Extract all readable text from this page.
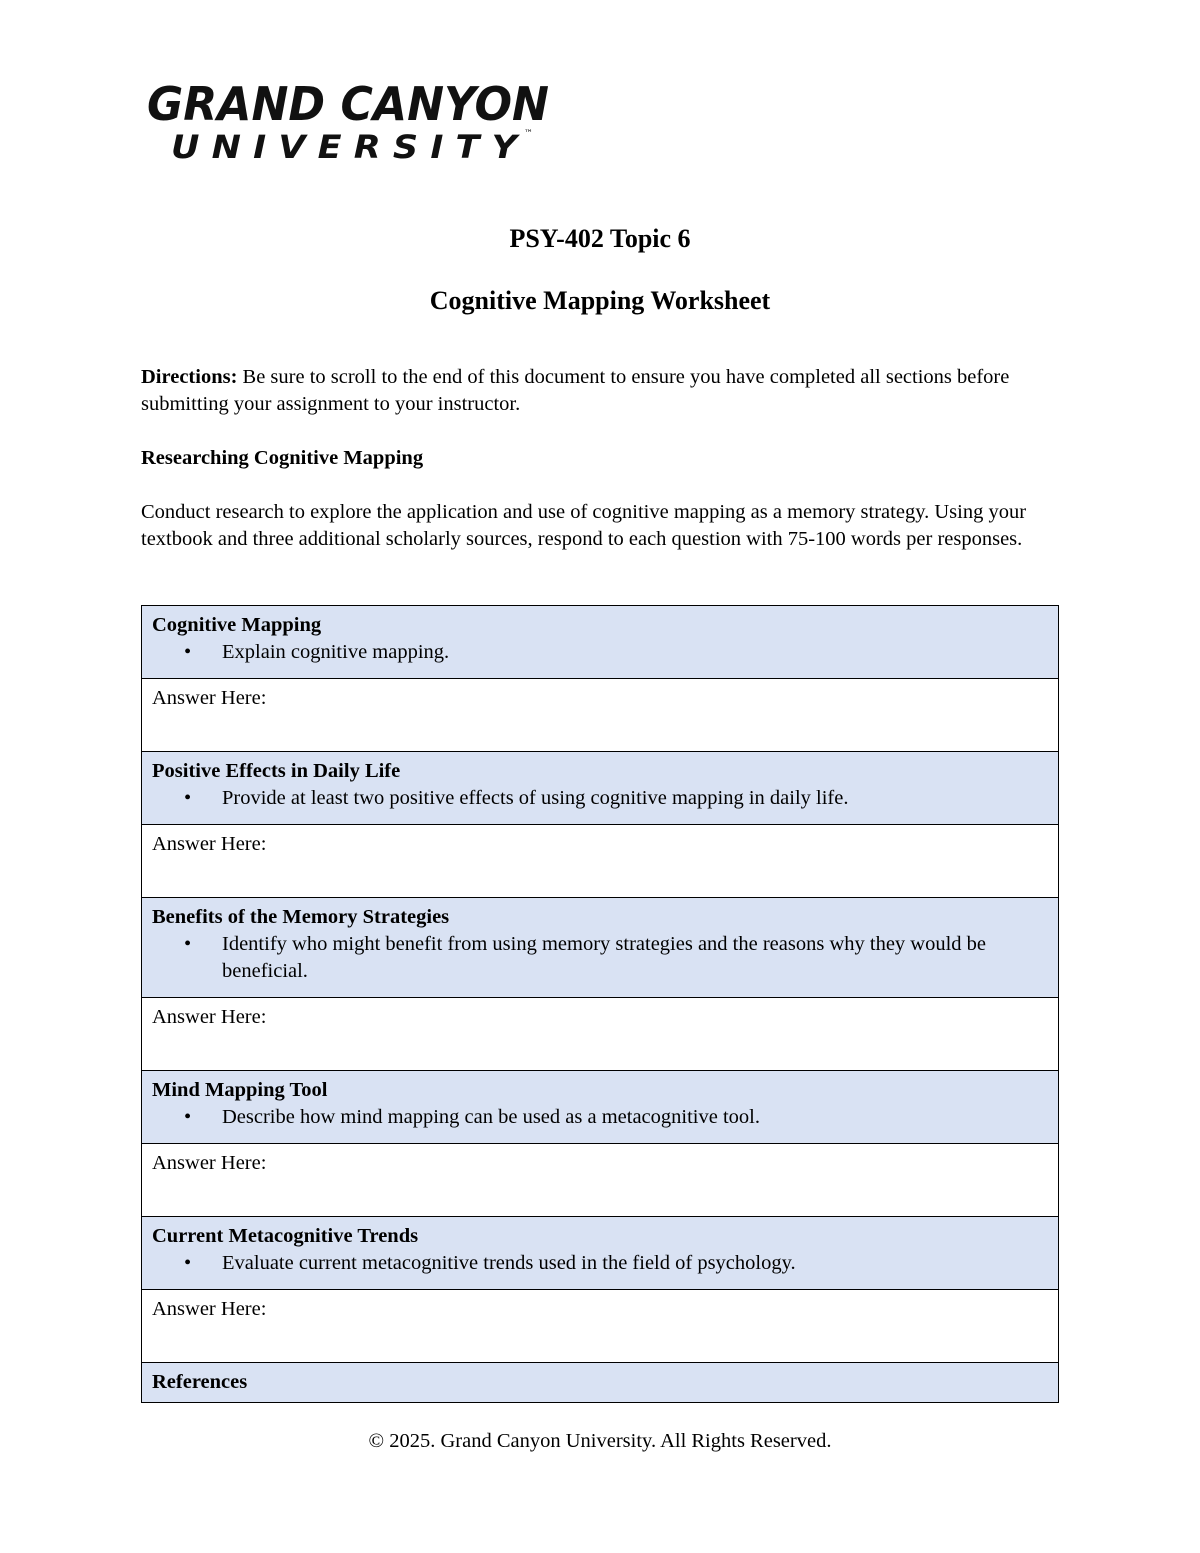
GRAND CANYON
U N I V E R S I T Y ™
PSY-402 Topic 6
Cognitive Mapping Worksheet
Directions: Be sure to scroll to the end of this document to ensure you have completed all sections before submitting your assignment to your instructor.
Researching Cognitive Mapping
Conduct research to explore the application and use of cognitive mapping as a memory strategy. Using your textbook and three additional scholarly sources, respond to each question with 75-100 words per responses.
Cognitive Mapping
•	Explain cognitive mapping.

Answer Here:

Positive Effects in Daily Life
•	Provide at least two positive effects of using cognitive mapping in daily life.

Answer Here:

Benefits of the Memory Strategies
•	Identify who might benefit from using memory strategies and the reasons why they would be beneficial.

Answer Here:

Mind Mapping Tool
•	Describe how mind mapping can be used as a metacognitive tool.

Answer Here:

Current Metacognitive Trends
•	Evaluate current metacognitive trends used in the field of psychology.

Answer Here:

References
© 2025. Grand Canyon University. All Rights Reserved.
